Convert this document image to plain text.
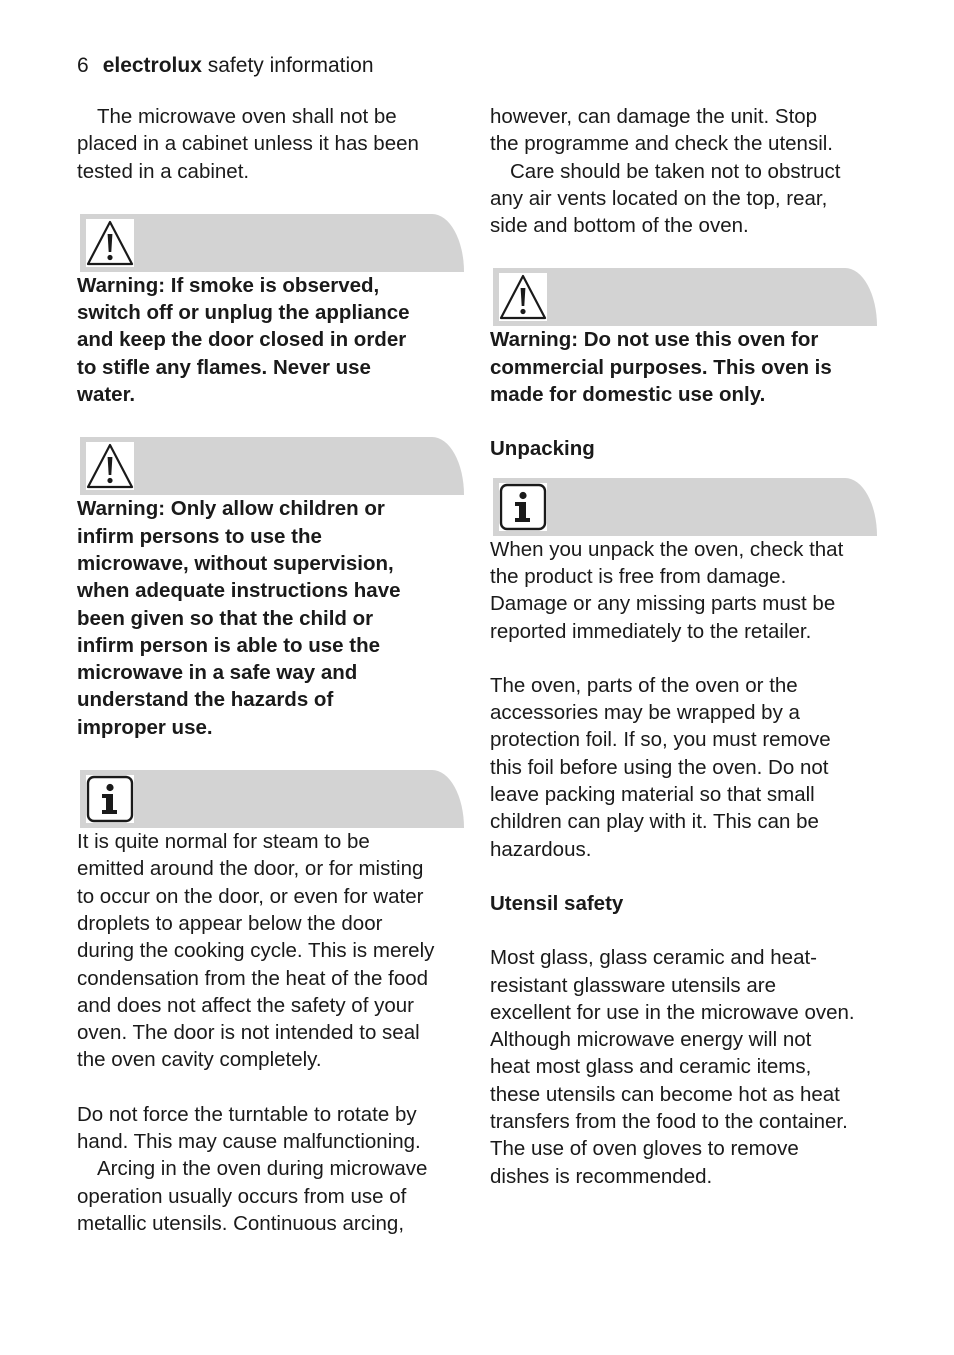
6 electrolux safety information

The microwave oven shall not be

placed in a cabinet unless it has been

tested in a cabinet.

Warning: If smoke is observed,

switch off or unplug the appliance

and keep the door closed in order

to stifle any flames. Never use

water.

Warning: Only allow children or

infirm persons to use the

microwave, without supervision,

when adequate instructions have

been given so that the child or

infirm person is able to use the

microwave in a safe way and

understand the hazards of

improper use.

It is quite normal for steam to be

emitted around the door, or for misting

to occur on the door, or even for water

droplets to appear below the door

during the cooking cycle. This is merely

condensation from the heat of the food

and does not affect the safety of your

oven. The door is not intended to seal

the oven cavity completely.

Do not force the turntable to rotate by

hand. This may cause malfunctioning.

Arcing in the oven during microwave

operation usually occurs from use of

metallic utensils. Continuous arcing,

however, can damage the unit. Stop

the programme and check the utensil.

Care should be taken not to obstruct

any air vents located on the top, rear,

side and bottom of the oven.

Warning: Do not use this oven for

commercial purposes. This oven is

made for domestic use only.

Unpacking

When you unpack the oven, check that

the product is free from damage.

Damage or any missing parts must be

reported immediately to the retailer.

The oven, parts of the oven or the

accessories may be wrapped by a

protection foil. If so, you must remove

this foil before using the oven. Do not

leave packing material so that small

children can play with it. This can be

hazardous.

Utensil safety

Most glass, glass ceramic and heat-

resistant glassware utensils are

excellent for use in the microwave oven.

Although microwave energy will not

heat most glass and ceramic items,

these utensils can become hot as heat

transfers from the food to the container.

The use of oven gloves to remove

dishes is recommended.
